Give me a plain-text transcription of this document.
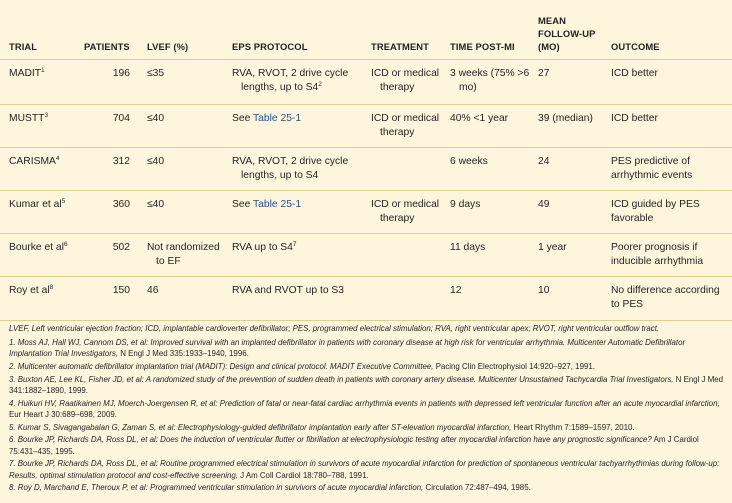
TRIAL	PATIENTS	LVEF (%)	EPS PROTOCOL	TREATMENT	TIME POST-MI	MEAN
FOLLOW-UP
(MO)	OUTCOME
MADIT$^1$	196	≤35	RVA, RVOT, 2 drive cycle lengths, up to $S4^2$	ICD or medical therapy	3 weeks (75% >6 mo)	27	ICD better
MUSTT$^3$	704	≤40	See Table 25-1	ICD or medical therapy	40% <1 year	39 (median)	ICD better
CARISMA$^4$	312	≤40	RVA, RVOT, 2 drive cycle lengths, up to S4		6 weeks	24	PES predictive of arrhythmic events
Kumar et $al^5$	360	≤40	See Table 25-1	ICD or medical therapy	9 days	49	ICD guided by PES favorable
Bourke et $al^6$	502	Not randomized to EF	RVA up to $S4^7$		11 days	1 year	Poorer prognosis if inducible arrhythmia
Roy et $al^8$	150	46	RVA and RVOT up to S3		12	10	No difference according to PES

LVEF, Left ventricular ejection fraction; ICD, implantable cardioverter defibrillator; PES, programmed electrical stimulation; RVA, right ventricular apex; RVOT, right ventricular outflow tract.

1. Moss AJ, Hall WJ, Cannom DS, et al: Improved survival with an implanted defibrillator in patients with coronary disease at high risk for ventricular arrhythmia. Multicenter Automatic Defibrillator Implantation Trial Investigators, N Engl J Med 335:1933–1940, 1996.

2. Multicenter automatic defibrillator implantation trial (MADIT): Design and clinical protocol. MADIT Executive Committee, Pacing Clin Electrophysiol 14:920–927, 1991.

3. Buxton AE, Lee KL, Fisher JD, et al: A randomized study of the prevention of sudden death in patients with coronary artery disease. Multicenter Unsustained Tachycardia Trial Investigators, N Engl J Med 341:1882–1890, 1999.

4. Huikuri HV, Raatikainen MJ, Moerch-Joergensen R, et al: Prediction of fatal or near-fatal cardiac arrhythmia events in patients with depressed left ventricular function after an acute myocardial infarction, Eur Heart J 30:689–698, 2009.

5. Kumar S, Sivagangabalan G, Zaman S, et al: Electrophysiology-guided defibrillator implantation early after ST-elevation myocardial infarction, Heart Rhythm 7:1589–1597, 2010.

6. Bourke JP, Richards DA, Ross DL, et al: Does the induction of ventricular flutter or fibrillation at electrophysiologic testing after myocardial infarction have any prognostic significance? Am J Cardiol 75:431–435, 1995.

7. Bourke JP, Richards DA, Ross DL, et al: Routine programmed electrical stimulation in survivors of acute myocardial infarction for prediction of spontaneous ventricular tachyarrhythmias during follow-up: Results, optimal stimulation protocol and cost-effective screening, J Am Coll Cardiol 18:780–788, 1991.

8. Roy D, Marchand E, Theroux P, et al: Programmed ventricular stimulation in survivors of acute myocardial infarction, Circulation 72:487–494, 1985.
